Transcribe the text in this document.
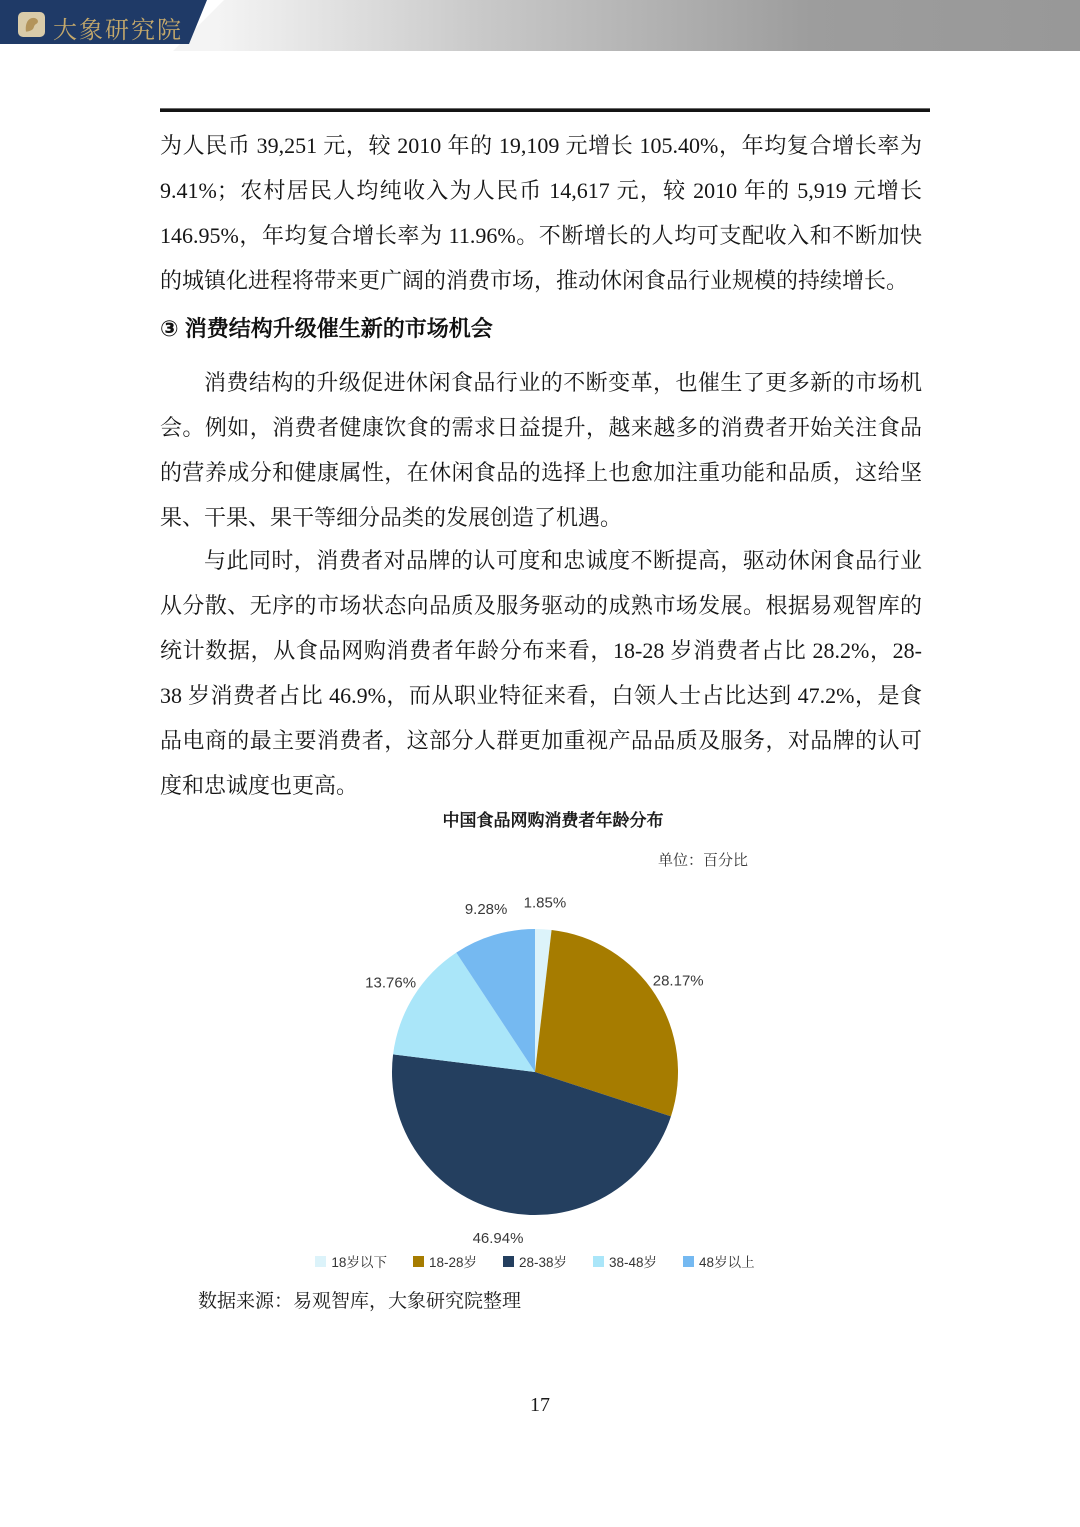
大象研究院
为人民币 39,251 元，较 2010 年的 19,109 元增长 105.40%，年均复合增长率为 9.41%；农村居民人均纯收入为人民币 14,617 元，较 2010 年的 5,919 元增长 146.95%，年均复合增长率为 11.96%。不断增长的人均可支配收入和不断加快的城镇化进程将带来更广阔的消费市场，推动休闲食品行业规模的持续增长。
③ 消费结构升级催生新的市场机会
消费结构的升级促进休闲食品行业的不断变革，也催生了更多新的市场机会。例如，消费者健康饮食的需求日益提升，越来越多的消费者开始关注食品的营养成分和健康属性，在休闲食品的选择上也愈加注重功能和品质，这给坚果、干果、果干等细分品类的发展创造了机遇。
与此同时，消费者对品牌的认可度和忠诚度不断提高，驱动休闲食品行业从分散、无序的市场状态向品质及服务驱动的成熟市场发展。根据易观智库的统计数据，从食品网购消费者年龄分布来看，18-28 岁消费者占比 28.2%，28-38 岁消费者占比 46.9%，而从职业特征来看，白领人士占比达到 47.2%，是食品电商的最主要消费者，这部分人群更加重视产品品质及服务，对品牌的认可度和忠诚度也更高。
中国食品网购消费者年龄分布
单位：百分比
1.85%
28.17%
46.94%
13.76%
9.28%
18岁以下	18-28岁	28-38岁	38-48岁	48岁以上
数据来源：易观智库，大象研究院整理
17
